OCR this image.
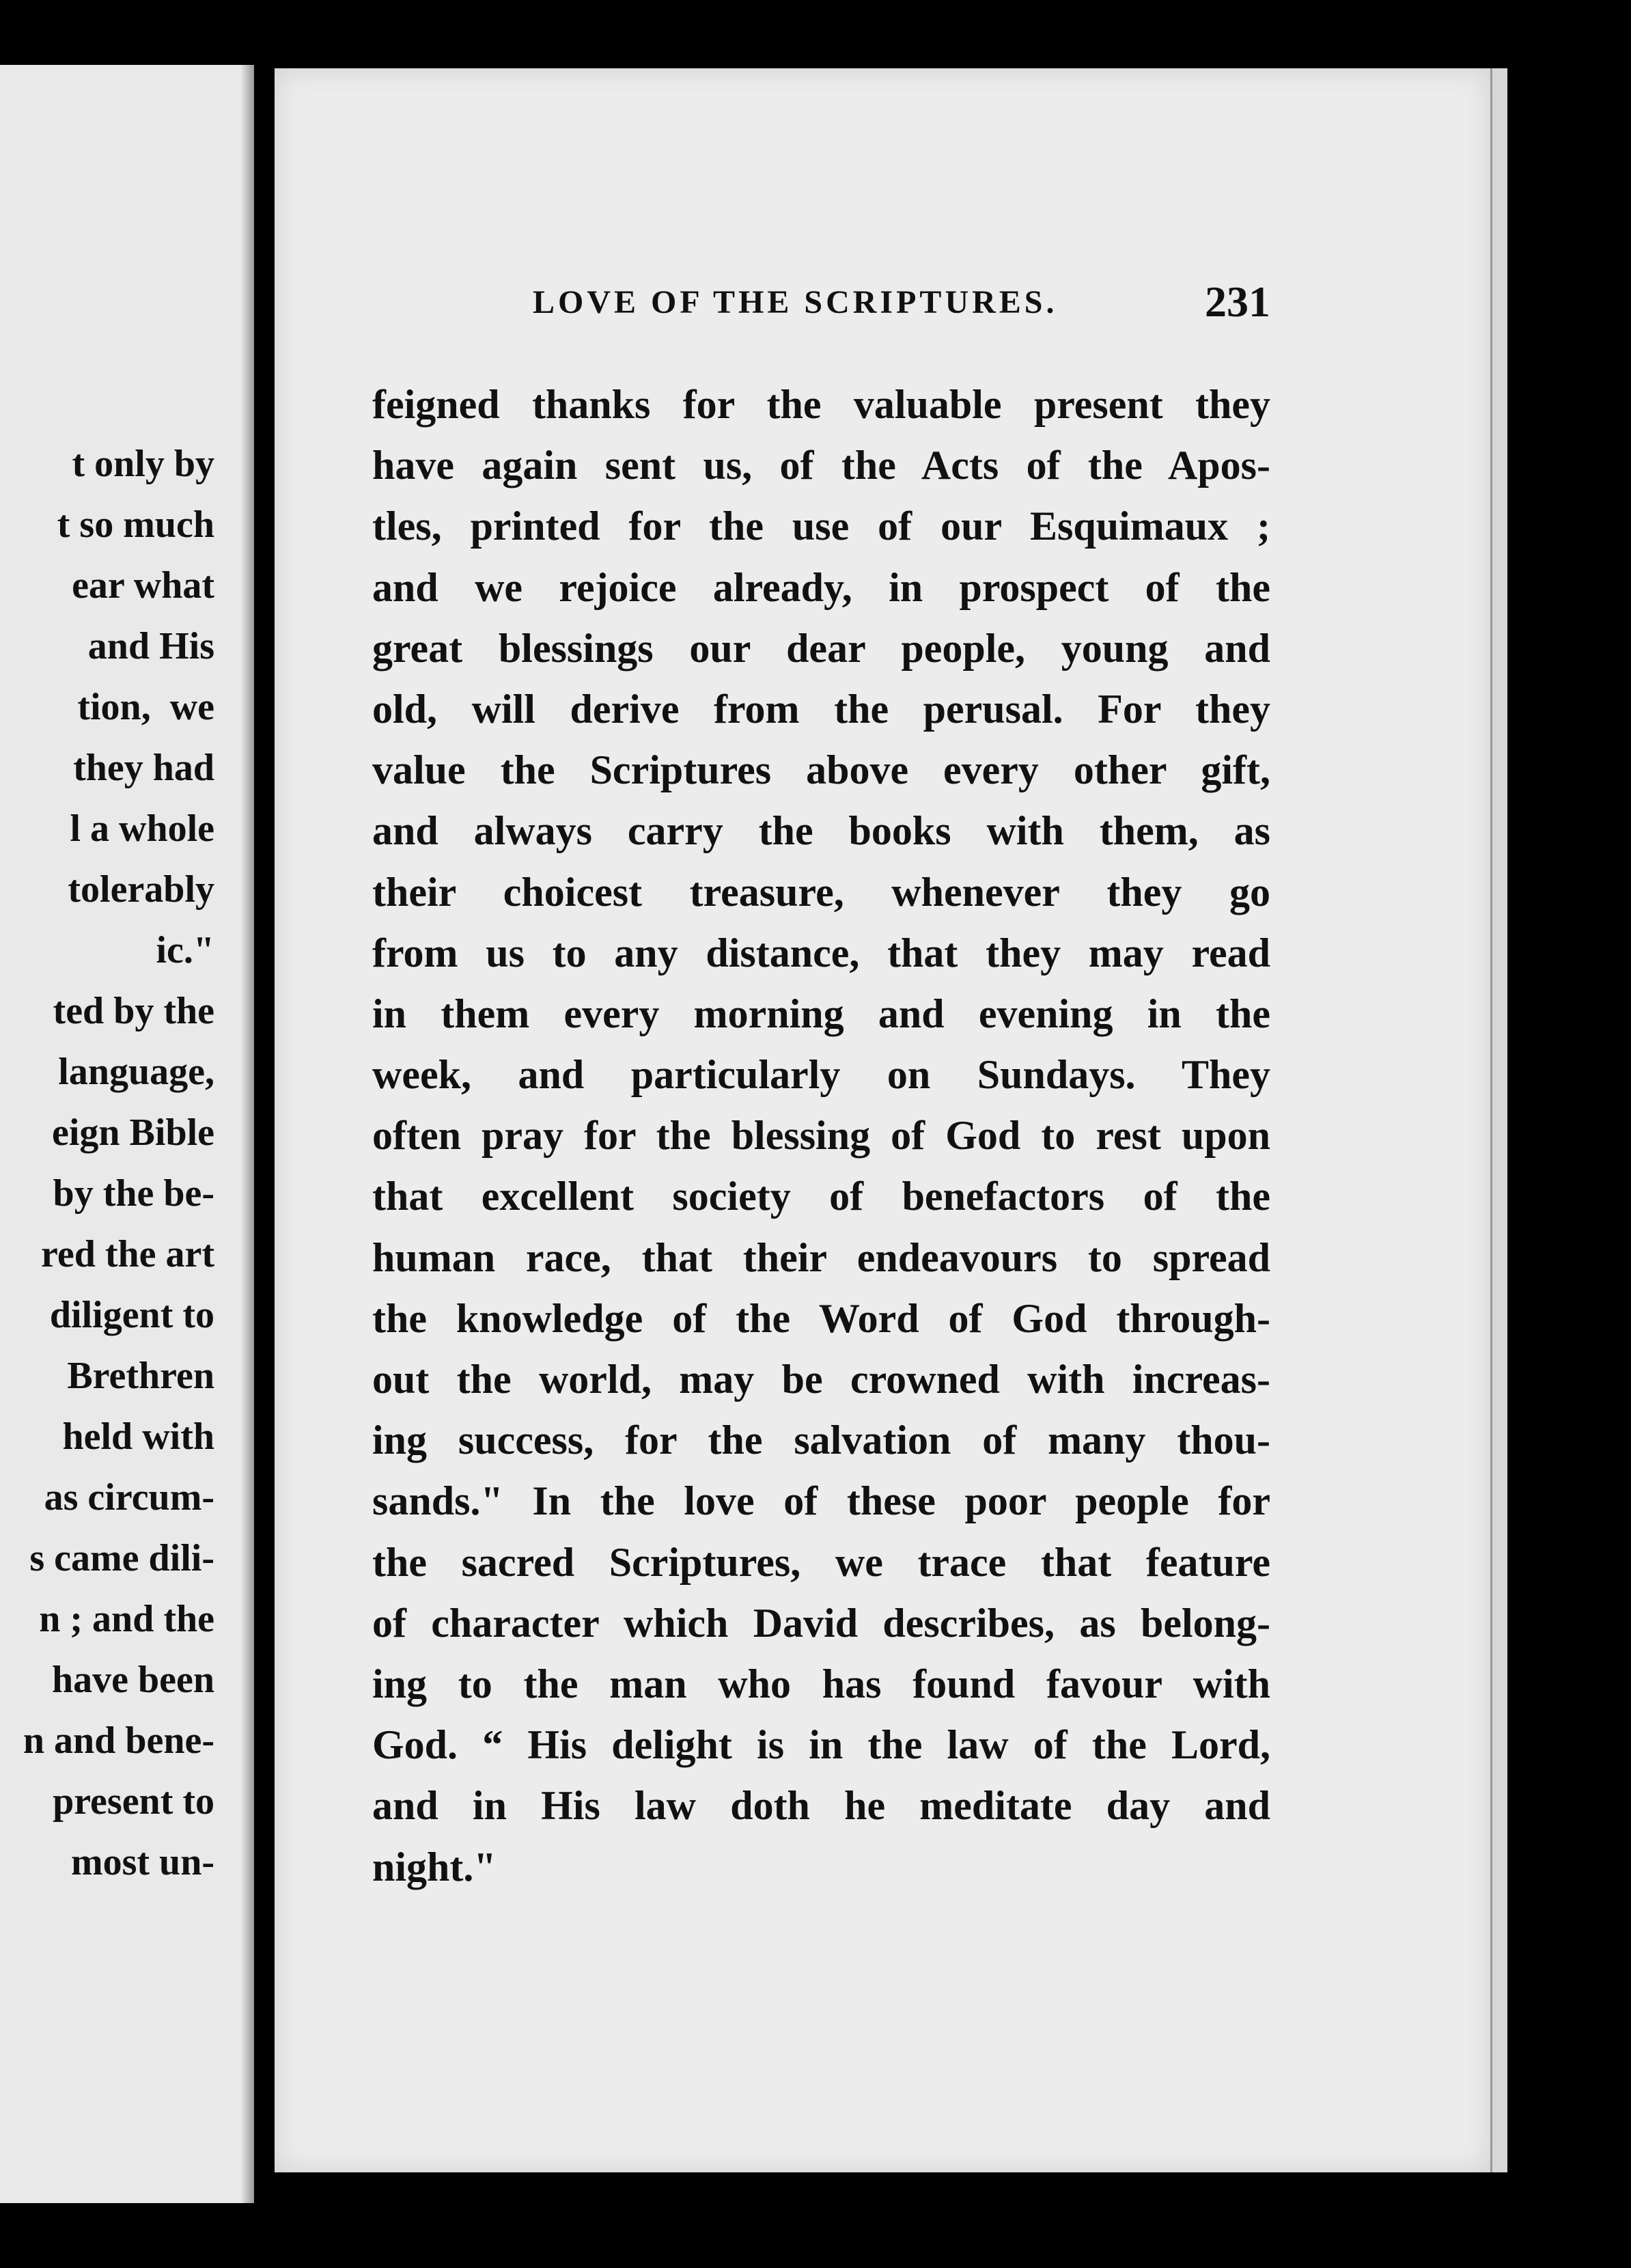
t only by
t so much
ear what
and His
tion,  we
they had
l a whole
tolerably
ic."
ted by the
language,
eign Bible
by the be-
red the art
diligent to
Brethren
held with
as circum-
s came dili-
n ; and the
have been
n and bene-
present to
most un-
LOVE OF THE SCRIPTURES.	231
feigned thanks for the valuable present they
have again sent us, of the Acts of the Apos-
tles, printed for the use of our Esquimaux ;
and we rejoice already, in prospect of the
great blessings our dear people, young and
old, will derive from the perusal. For they
value the Scriptures above every other gift,
and always carry the books with them, as
their choicest treasure, whenever they go
from us to any distance, that they may read
in them every morning and evening in the
week, and particularly on Sundays. They
often pray for the blessing of God to rest upon
that excellent society of benefactors of the
human race, that their endeavours to spread
the knowledge of the Word of God through-
out the world, may be crowned with increas-
ing success, for the salvation of many thou-
sands." In the love of these poor people for
the sacred Scriptures, we trace that feature
of character which David describes, as belong-
ing to the man who has found favour with
God. “ His delight is in the law of the Lord,
and in His law doth he meditate day and
night."
